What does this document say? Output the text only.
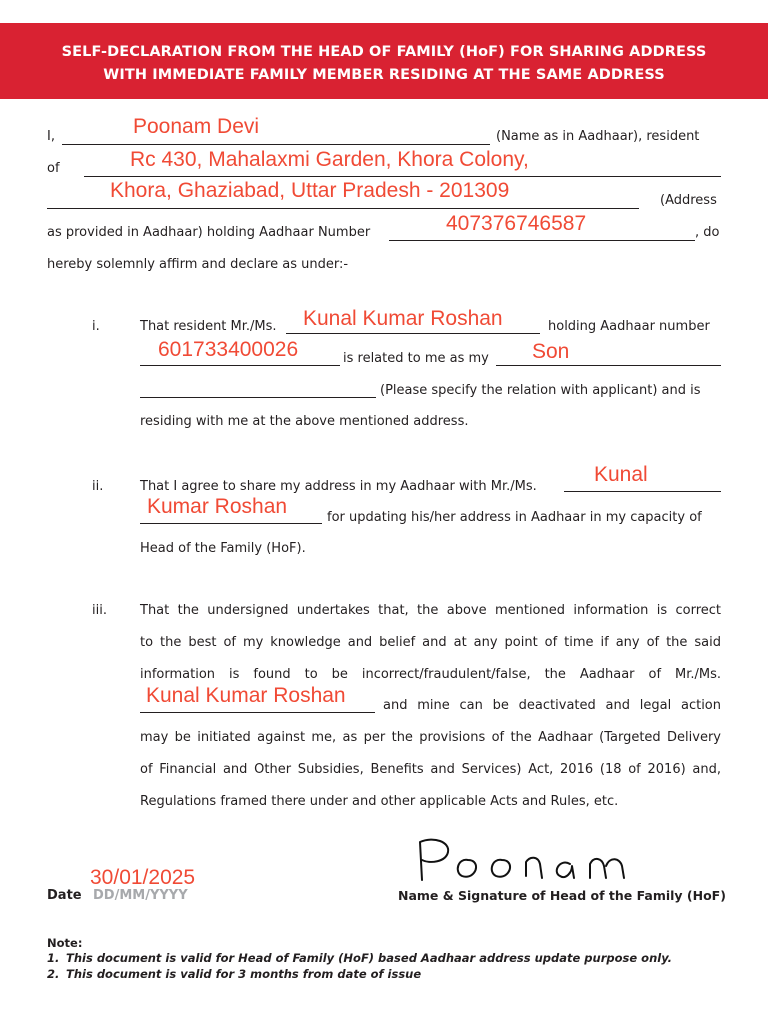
SELF-DECLARATION FROM THE HEAD OF FAMILY (HoF) FOR SHARING ADDRESS
WITH IMMEDIATE FAMILY MEMBER RESIDING AT THE SAME ADDRESS
I,	Poonam Devi	(Name as in Aadhaar), resident
of	Rc 430, Mahalaxmi Garden, Khora Colony,
Khora, Ghaziabad, Uttar Pradesh - 201309	(Address
as provided in Aadhaar) holding Aadhaar Number	407376746587	, do
hereby solemnly affirm and declare as under:-
i.	That resident Mr./Ms. Kunal Kumar Roshan	holding Aadhaar number
601733400026	is related to me as my Son
(Please specify the relation with applicant) and is
residing with me at the above mentioned address.
ii.	That I agree to share my address in my Aadhaar with Mr./Ms.
Kunal
Kumar Roshan	for updating his/her address in Aadhaar in my capacity of
Head of the Family (HoF).
iii.	That the undersigned undertakes that, the above mentioned information is correct
to the best of my knowledge and belief and at any point of time if any of the said
information is found to be incorrect/fraudulent/false, the Aadhaar of Mr./Ms.
Kunal Kumar Roshan	and mine can be deactivated and legal action
may be initiated against me, as per the provisions of the Aadhaar (Targeted Delivery
of Financial and Other Subsidies, Benefits and Services) Act, 2016 (18 of 2016) and,
Regulations framed there under and other applicable Acts and Rules, etc.
30/01/2025
Date DD/MM/YYYY	Name & Signature of Head of the Family (HoF)
Note:
1. This document is valid for Head of Family (HoF) based Aadhaar address update purpose only.
2. This document is valid for 3 months from date of issue
